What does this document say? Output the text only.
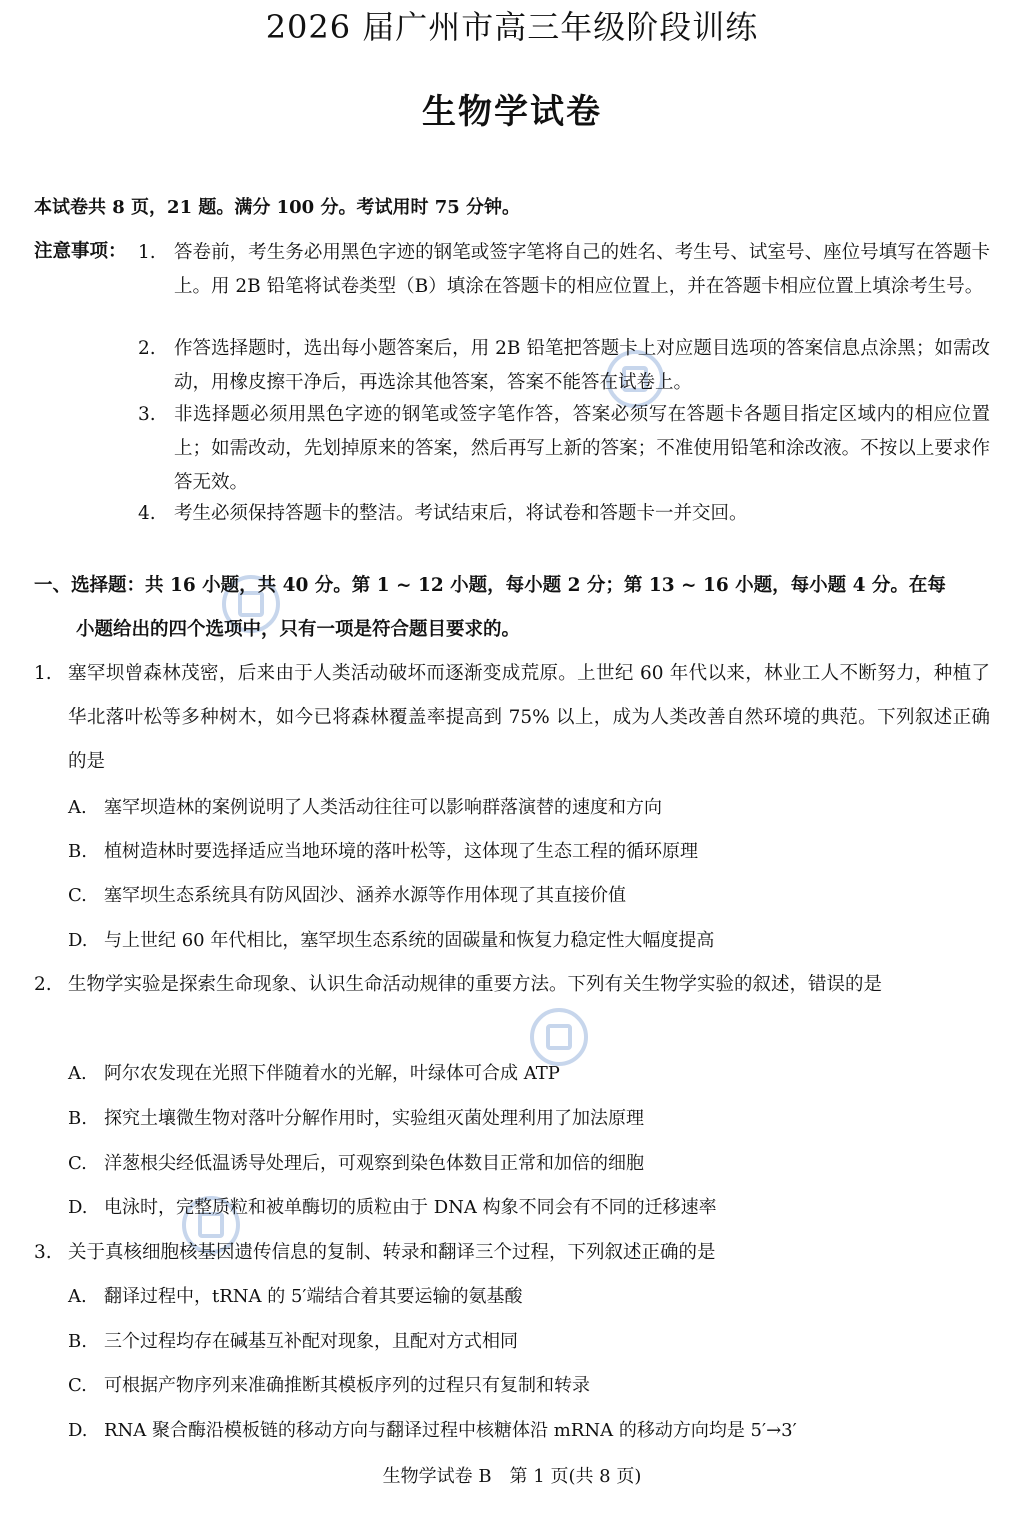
2026 届广州市高三年级阶段训练
生物学试卷
本试卷共 8 页，21 题。满分 100 分。考试用时 75 分钟。
注意事项： 1. 答卷前，考生务必用黑色字迹的钢笔或签字笔将自己的姓名、考生号、试室号、座位号填写在答题卡上。用 2B 铅笔将试卷类型（B）填涂在答题卡的相应位置上，并在答题卡相应位置上填涂考生号。
2. 作答选择题时，选出每小题答案后，用 2B 铅笔把答题卡上对应题目选项的答案信息点涂黑；如需改动，用橡皮擦干净后，再选涂其他答案，答案不能答在试卷上。
3. 非选择题必须用黑色字迹的钢笔或签字笔作答，答案必须写在答题卡各题目指定区域内的相应位置上；如需改动，先划掉原来的答案，然后再写上新的答案；不准使用铅笔和涂改液。不按以上要求作答无效。
4. 考生必须保持答题卡的整洁。考试结束后，将试卷和答题卡一并交回。
一、选择题：共 16 小题，共 40 分。第 1 ~ 12 小题，每小题 2 分；第 13 ~ 16 小题，每小题 4 分。在每
小题给出的四个选项中，只有一项是符合题目要求的。
1. 塞罕坝曾森林茂密，后来由于人类活动破坏而逐渐变成荒原。上世纪 60 年代以来，林业工人不断努力，种植了华北落叶松等多种树木，如今已将森林覆盖率提高到 75% 以上，成为人类改善自然环境的典范。下列叙述正确的是
A. 塞罕坝造林的案例说明了人类活动往往可以影响群落演替的速度和方向
B. 植树造林时要选择适应当地环境的落叶松等，这体现了生态工程的循环原理
C. 塞罕坝生态系统具有防风固沙、涵养水源等作用体现了其直接价值
D. 与上世纪 60 年代相比，塞罕坝生态系统的固碳量和恢复力稳定性大幅度提高
2. 生物学实验是探索生命现象、认识生命活动规律的重要方法。下列有关生物学实验的叙述，错误的是
A. 阿尔农发现在光照下伴随着水的光解，叶绿体可合成 ATP
B. 探究土壤微生物对落叶分解作用时，实验组灭菌处理利用了加法原理
C. 洋葱根尖经低温诱导处理后，可观察到染色体数目正常和加倍的细胞
D. 电泳时，完整质粒和被单酶切的质粒由于 DNA 构象不同会有不同的迁移速率
3. 关于真核细胞核基因遗传信息的复制、转录和翻译三个过程，下列叙述正确的是
A. 翻译过程中，tRNA 的 5′端结合着其要运输的氨基酸
B. 三个过程均存在碱基互补配对现象，且配对方式相同
C. 可根据产物序列来准确推断其模板序列的过程只有复制和转录
D. RNA 聚合酶沿模板链的移动方向与翻译过程中核糖体沿 mRNA 的移动方向均是 5′→3′
生物学试卷 B　第 1 页(共 8 页)
